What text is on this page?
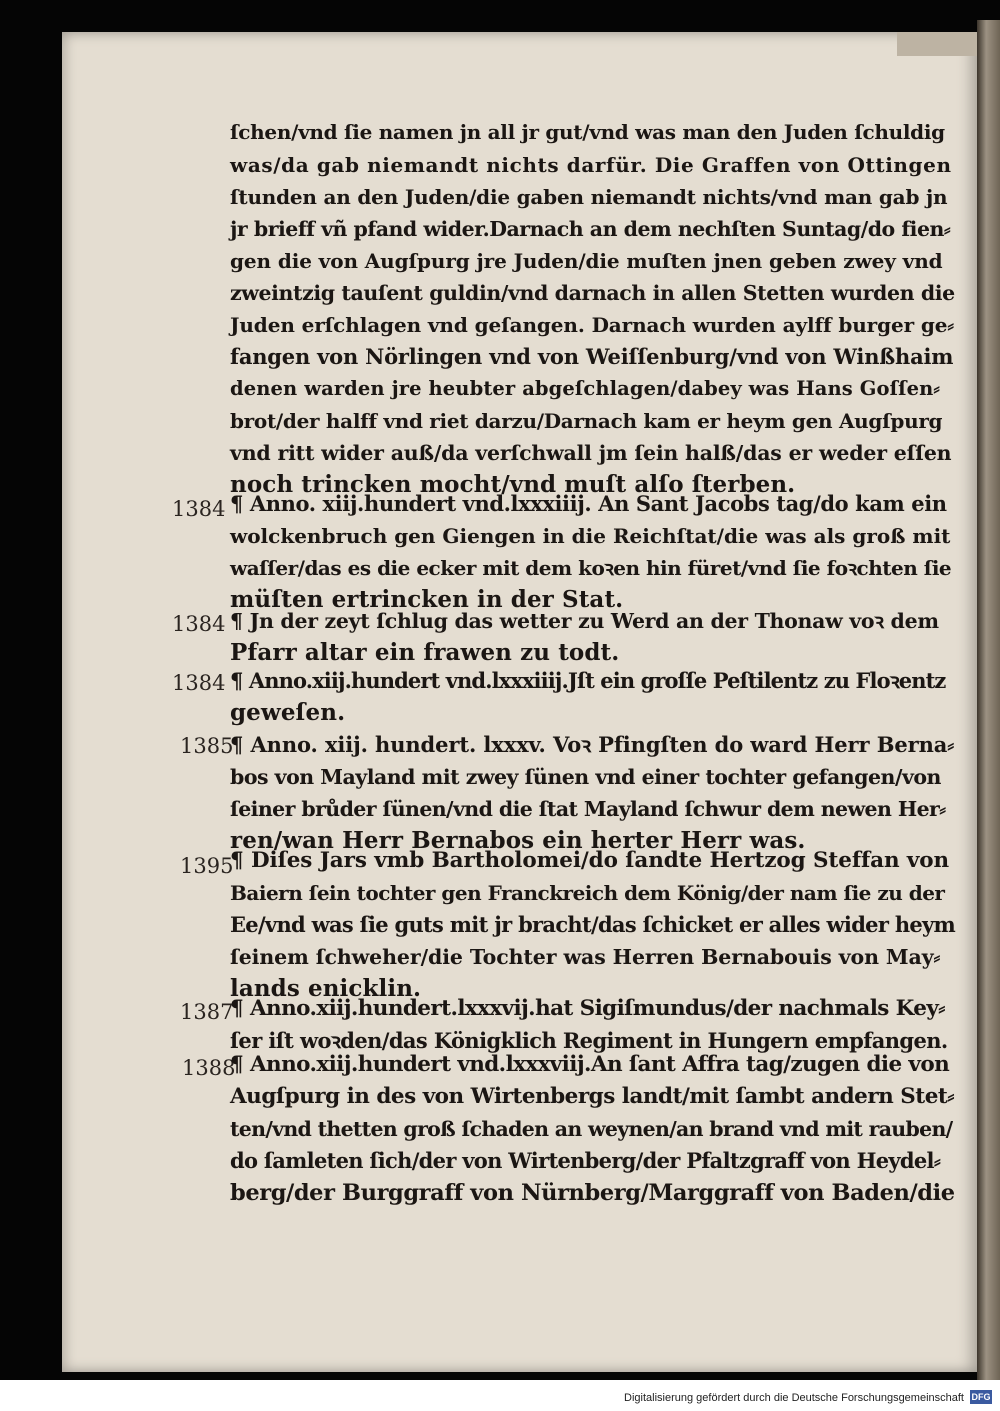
ſchen/vnd ſie namen jn all jr gut/vnd was man den Juden ſchuldig
was/da gab niemandt nichts darfür. Die Graffen von Ottingen
ſtunden an den Juden/die gaben niemandt nichts/vnd man gab jn
jr brieff vñ pfand wider.Darnach an dem nechſten Suntag/do fien⸗
gen die von Augſpurg jre Juden/die muſten jnen geben zwey vnd
zweintzig tauſent guldin/vnd darnach in allen Stetten wurden die
Juden erſchlagen vnd geſangen. Darnach wurden aylff burger ge⸗
fangen von Nörlingen vnd von Weiſſenburg/vnd von Winßhaim
denen warden jre heubter abgeſchlagen/dabey was Hans Goſſen⸗
brot/der halff vnd riet darzu/Darnach kam er heym gen Augſpurg
vnd ritt wider auß/da verſchwall jm ſein halß/das er weder eſſen
noch trincken mocht/vnd muſt alſo ſterben.
1384 ¶ Anno. xiij.hundert vnd.lxxxiiij. An Sant Jacobs tag/do kam ein
wolckenbruch gen Giengen in die Reichſtat/die was als groß mit
waſſer/das es die ecker mit dem koꝛen hin füret/vnd ſie foꝛchten ſie
müſten ertrincken in der Stat.
1384 ¶ Jn der zeyt ſchlug das wetter zu Werd an der Thonaw voꝛ dem
Pfarr altar ein frawen zu todt.
1384 ¶ Anno.xiij.hundert vnd.lxxxiiij.Jſt ein groſſe Peſtilentz zu Floꝛentz
geweſen.
1385
¶ Anno. xiij. hundert. lxxxv. Voꝛ Pfingſten do ward Herr Berna⸗
bos von Mayland mit zwey ſünen vnd einer tochter gefangen/von
ſeiner brůder ſünen/vnd die ſtat Mayland ſchwur dem newen Her⸗
ren/wan Herr Bernabos ein herter Herr was.
1395
¶ Diſes Jars vmb Bartholomei/do ſandte Hertzog Steffan von
Baiern ſein tochter gen Franckreich dem König/der nam ſie zu der
Ee/vnd was ſie guts mit jr bracht/das ſchicket er alles wider heym
ſeinem ſchweher/die Tochter was Herren Bernabouis von May⸗
lands enicklin.
1387
¶ Anno.xiij.hundert.lxxxvij.hat Sigiſmundus/der nachmals Key⸗
ſer iſt woꝛden/das Königklich Regiment in Hungern empfangen.
1388
¶ Anno.xiij.hundert vnd.lxxxviij.An ſant Affra tag/zugen die von
Augſpurg in des von Wirtenbergs landt/mit ſambt andern Stet⸗
ten/vnd thetten groß ſchaden an weynen/an brand vnd mit rauben/
do ſamleten ſich/der von Wirtenberg/der Pfaltzgraff von Heydel⸗
berg/der Burggraff von Nürnberg/Marggraff von Baden/die
Digitalisierung gefördert durch die Deutsche Forschungsgemeinschaft DFG
